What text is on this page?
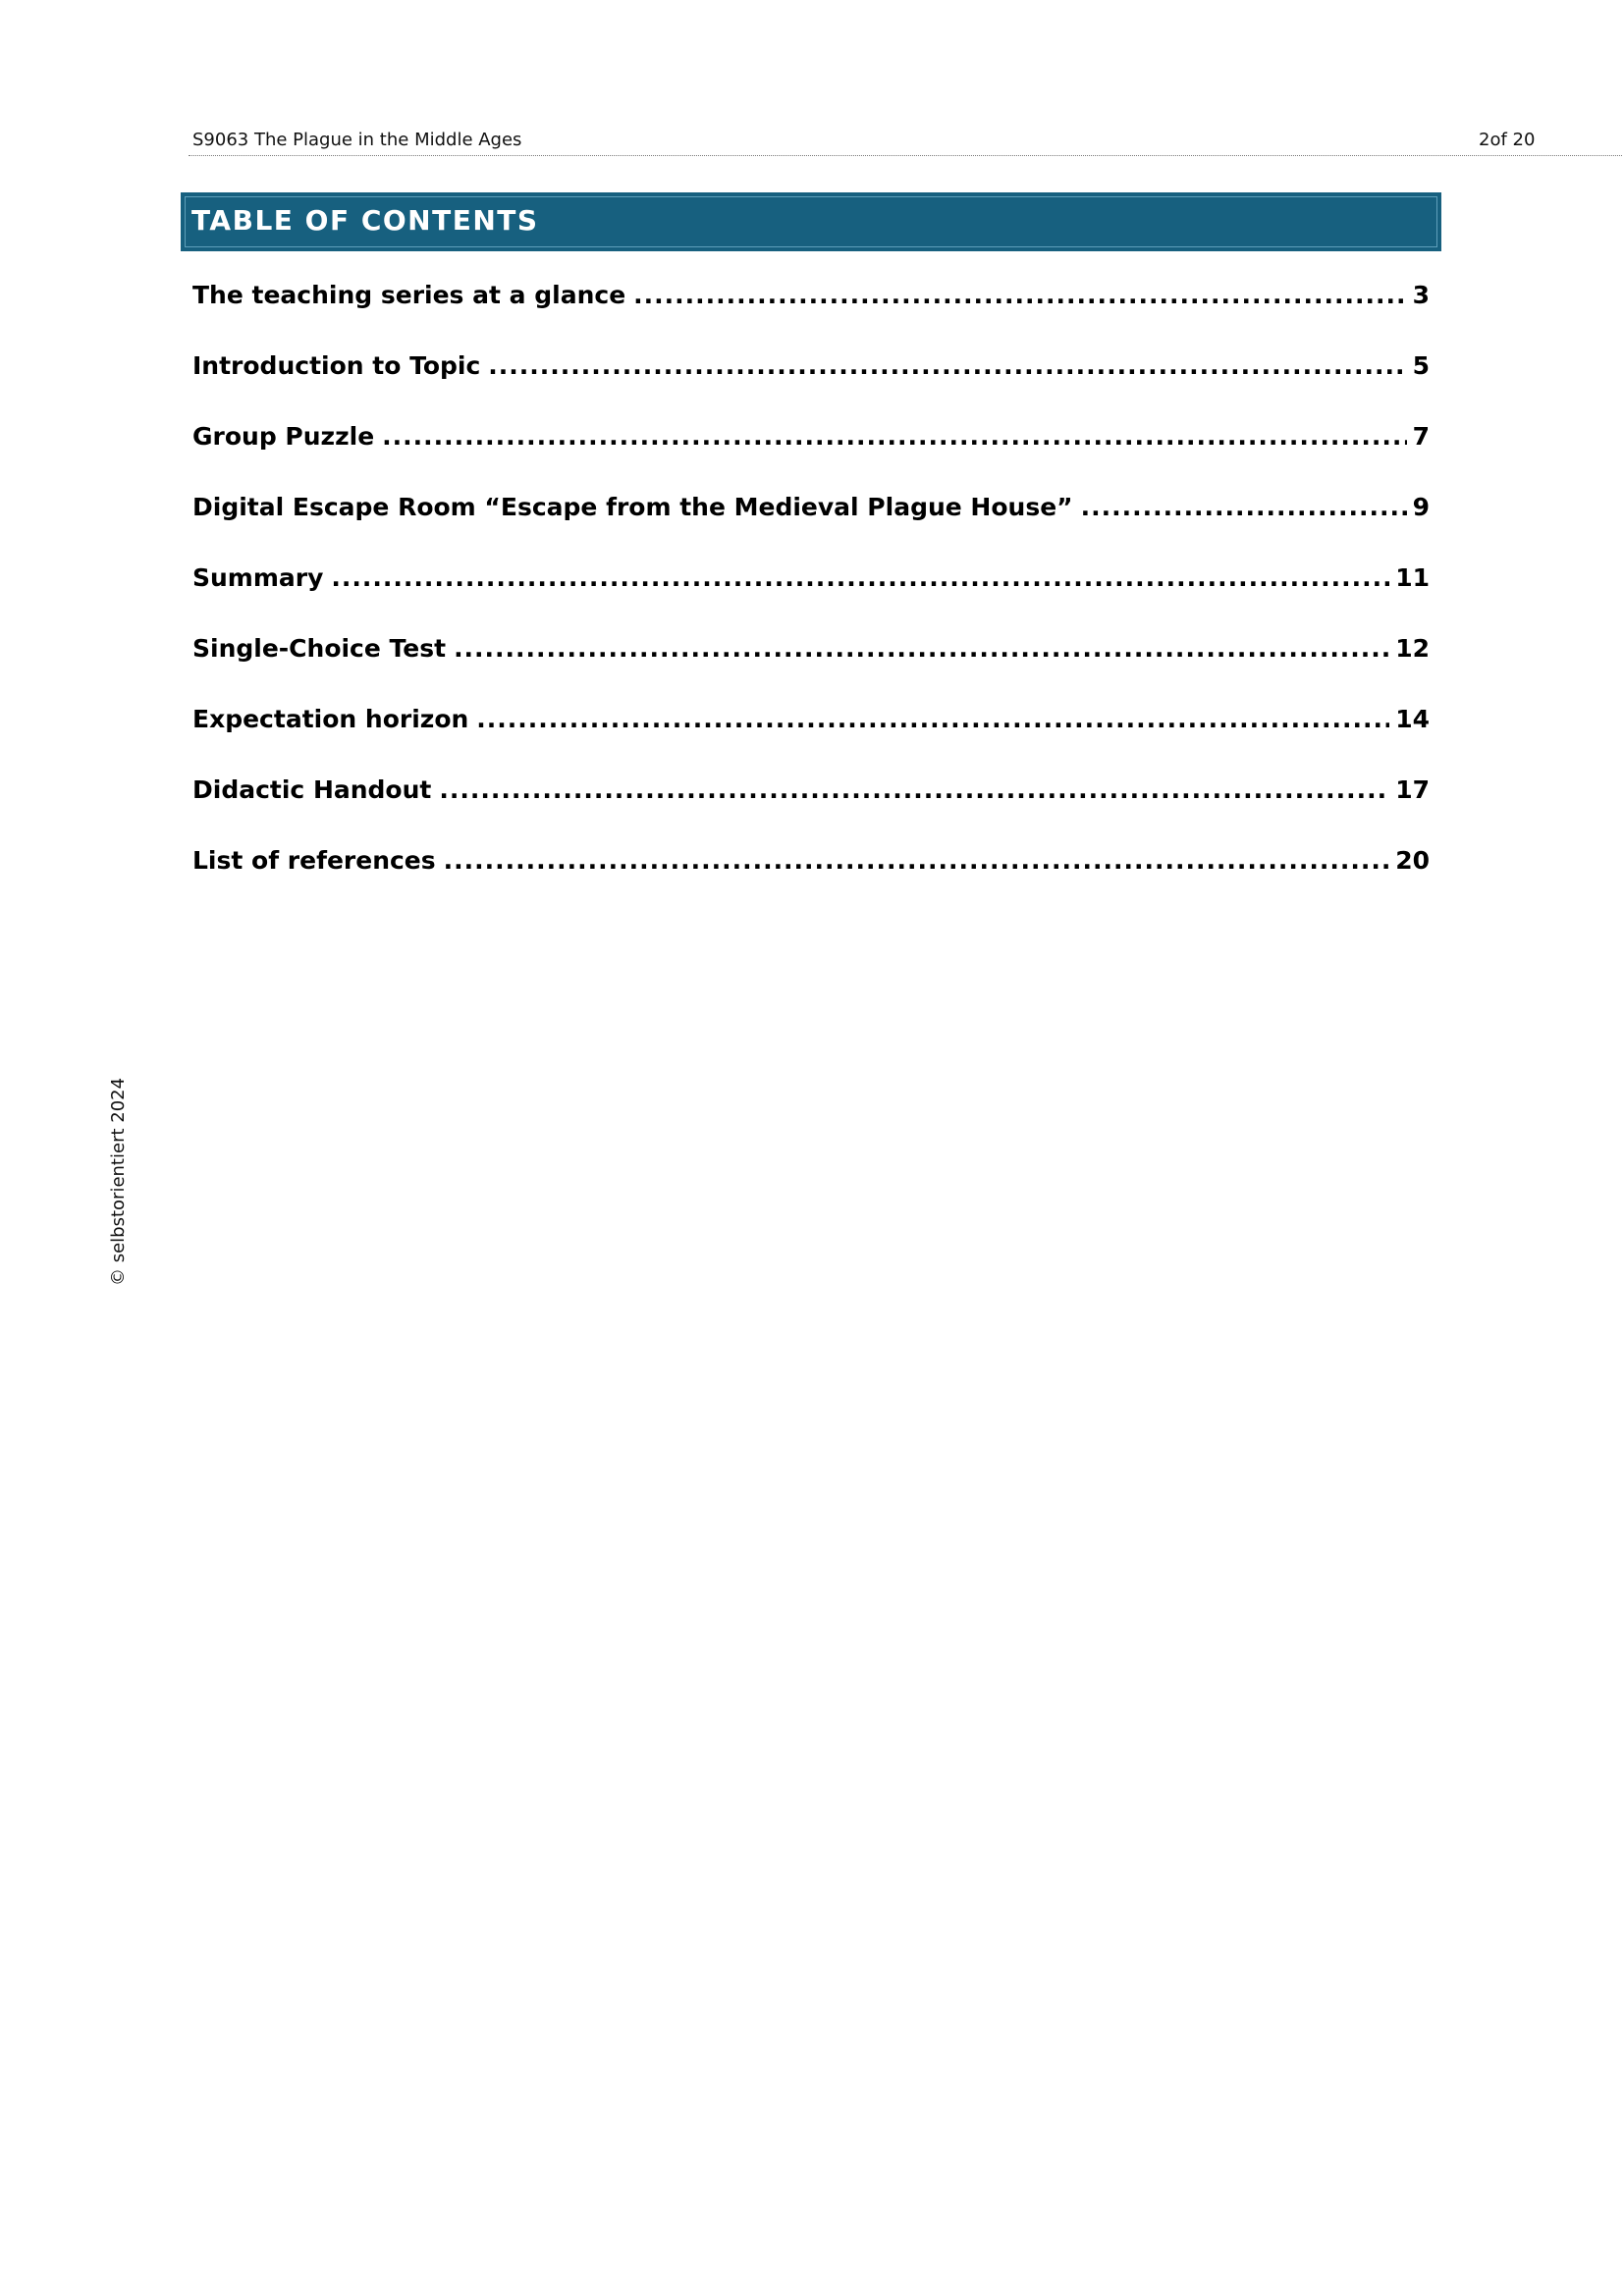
S9063 The Plague in the Middle Ages	2of 20
TABLE OF CONTENTS
The teaching series at a glance .....	3
Introduction to Topic .....	5
Group Puzzle .....	7
Digital Escape Room “Escape from the Medieval Plague House” .....	9
Summary .....	11
Single-Choice Test .....	12
Expectation horizon .....	14
Didactic Handout .....	17
List of references .....	20
© selbstorientiert 2024
